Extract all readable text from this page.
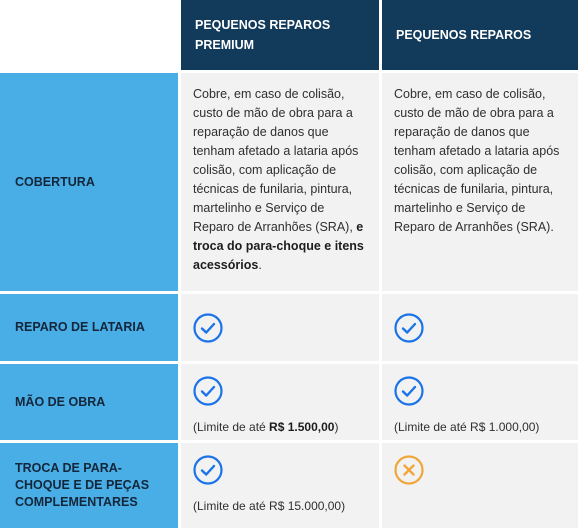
PEQUENOS REPAROS PREMIUM
PEQUENOS REPAROS
COBERTURA
Cobre, em caso de colisão, custo de mão de obra para a reparação de danos que tenham afetado a lataria após colisão, com aplicação de técnicas de funilaria, pintura, martelinho e Serviço de Reparo de Arranhões (SRA), e troca do para-choque e itens acessórios.
Cobre, em caso de colisão, custo de mão de obra para a reparação de danos que tenham afetado a lataria após colisão, com aplicação de técnicas de funilaria, pintura, martelinho e Serviço de Reparo de Arranhões (SRA).
REPARO DE LATARIA
MÃO DE OBRA
(Limite de até R$ 1.500,00)	(Limite de até R$ 1.000,00)
TROCA DE PARA-CHOQUE E DE PEÇAS COMPLEMENTARES	(Limite de até R$ 15.000,00)
